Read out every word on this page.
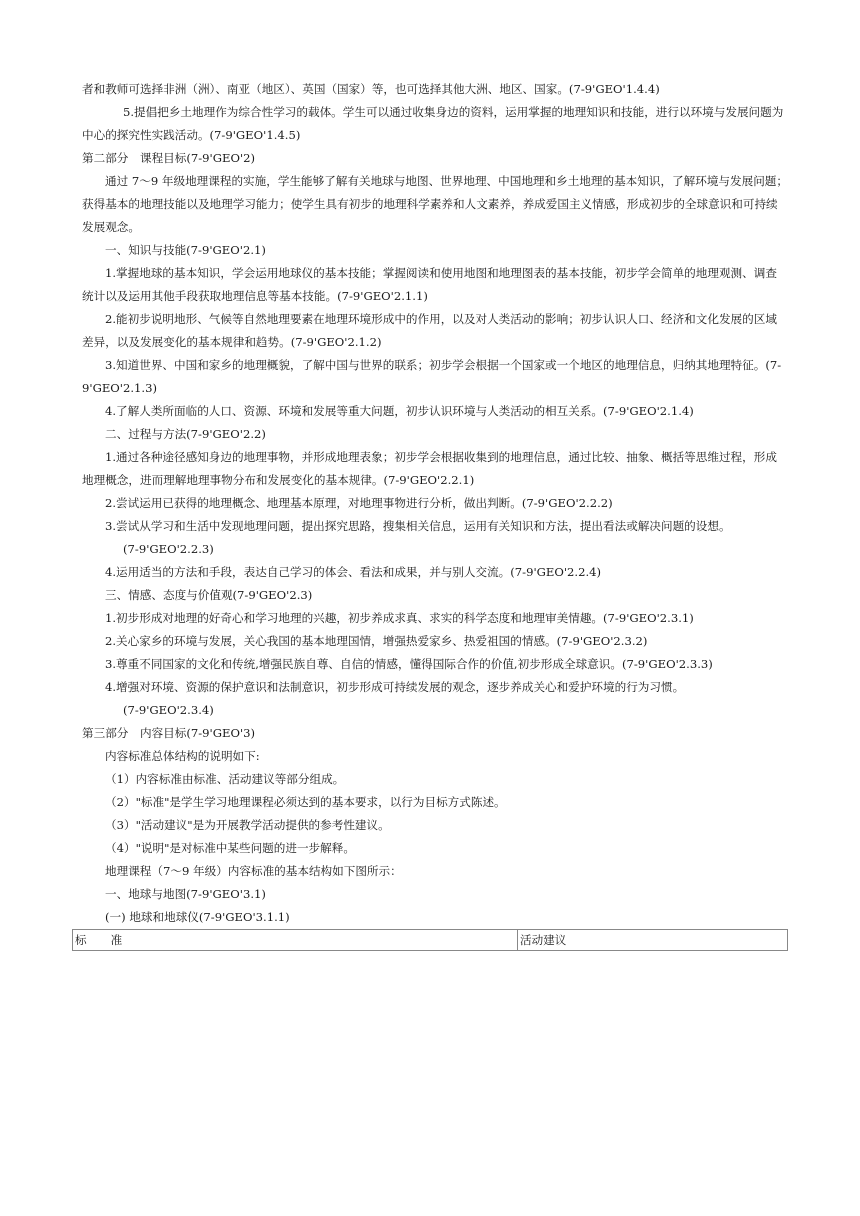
者和教师可选择非洲（洲）、南亚（地区）、英国（国家）等，也可选择其他大洲、地区、国家。(7-9'GEO'1.4.4)

5.提倡把乡土地理作为综合性学习的载体。学生可以通过收集身边的资料，运用掌握的地理知识和技能，进行以环境与发展问题为中心的探究性实践活动。(7-9'GEO'1.4.5)

第二部分　课程目标(7-9'GEO'2)

通过 7～9 年级地理课程的实施，学生能够了解有关地球与地图、世界地理、中国地理和乡土地理的基本知识，了解环境与发展问题；获得基本的地理技能以及地理学习能力；使学生具有初步的地理科学素养和人文素养，养成爱国主义情感，形成初步的全球意识和可持续发展观念。

一、知识与技能(7-9'GEO'2.1)

1.掌握地球的基本知识，学会运用地球仪的基本技能；掌握阅读和使用地图和地理图表的基本技能，初步学会简单的地理观测、调查统计以及运用其他手段获取地理信息等基本技能。(7-9'GEO'2.1.1)

2.能初步说明地形、气候等自然地理要素在地理环境形成中的作用，以及对人类活动的影响；初步认识人口、经济和文化发展的区域差异，以及发展变化的基本规律和趋势。(7-9'GEO'2.1.2)

3.知道世界、中国和家乡的地理概貌，了解中国与世界的联系；初步学会根据一个国家或一个地区的地理信息，归纳其地理特征。(7-9'GEO'2.1.3)

4.了解人类所面临的人口、资源、环境和发展等重大问题，初步认识环境与人类活动的相互关系。(7-9'GEO'2.1.4)

二、过程与方法(7-9'GEO'2.2)

1.通过各种途径感知身边的地理事物，并形成地理表象；初步学会根据收集到的地理信息，通过比较、抽象、概括等思维过程，形成地理概念，进而理解地理事物分布和发展变化的基本规律。(7-9'GEO'2.2.1)

2.尝试运用已获得的地理概念、地理基本原理，对地理事物进行分析，做出判断。(7-9'GEO'2.2.2)

3.尝试从学习和生活中发现地理问题，提出探究思路，搜集相关信息，运用有关知识和方法，提出看法或解决问题的设想。

(7-9'GEO'2.2.3)

4.运用适当的方法和手段，表达自己学习的体会、看法和成果，并与别人交流。(7-9'GEO'2.2.4)

三、情感、态度与价值观(7-9'GEO'2.3)

1.初步形成对地理的好奇心和学习地理的兴趣，初步养成求真、求实的科学态度和地理审美情趣。(7-9'GEO'2.3.1)

2.关心家乡的环境与发展，关心我国的基本地理国情，增强热爱家乡、热爱祖国的情感。(7-9'GEO'2.3.2)

3.尊重不同国家的文化和传统,增强民族自尊、自信的情感，懂得国际合作的价值,初步形成全球意识。(7-9'GEO'2.3.3)

4.增强对环境、资源的保护意识和法制意识，初步形成可持续发展的观念，逐步养成关心和爱护环境的行为习惯。

(7-9'GEO'2.3.4)

第三部分　内容目标(7-9'GEO'3)

内容标准总体结构的说明如下:

（1）内容标准由标准、活动建议等部分组成。

（2）"标准"是学生学习地理课程必须达到的基本要求，以行为目标方式陈述。

（3）"活动建议"是为开展教学活动提供的参考性建议。

（4）"说明"是对标准中某些问题的进一步解释。

地理课程（7～9 年级）内容标准的基本结构如下图所示：

一、地球与地图(7-9'GEO'3.1)

(一) 地球和地球仪(7-9'GEO'3.1.1)

标 准	活动建议
